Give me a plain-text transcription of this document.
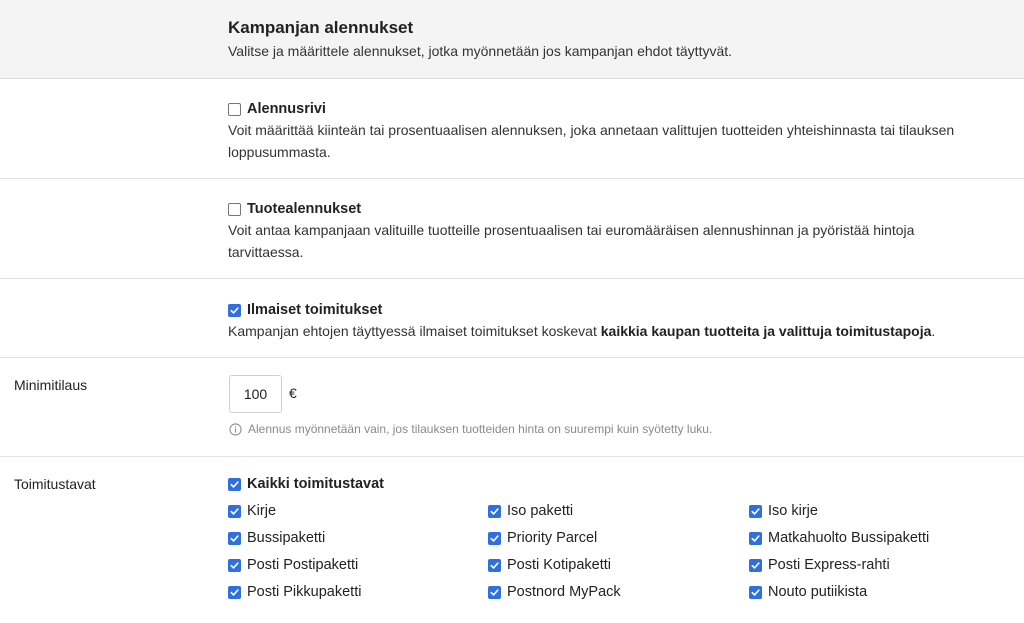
Kampanjan alennukset
Valitse ja määrittele alennukset, jotka myönnetään jos kampanjan ehdot täyttyvät.
Alennusrivi
Voit määrittää kiinteän tai prosentuaalisen alennuksen, joka annetaan valittujen tuotteiden yhteishinnasta tai tilauksen
loppusummasta.
Tuotealennukset
Voit antaa kampanjaan valituille tuotteille prosentuaalisen tai euromääräisen alennushinnan ja pyöristää hintoja
tarvittaessa.
Ilmaiset toimitukset
Kampanjan ehtojen täyttyessä ilmaiset toimitukset koskevat kaikkia kaupan tuotteita ja valittuja toimitustapoja.
Minimitilaus
100	€
Alennus myönnetään vain, jos tilauksen tuotteiden hinta on suurempi kuin syötetty luku.
Toimitustavat	Kaikki toimitustavat
Kirje	Iso paketti	Iso kirje
Bussipaketti	Priority Parcel	Matkahuolto Bussipaketti
Posti Postipaketti	Posti Kotipaketti	Posti Express-rahti
Posti Pikkupaketti	Postnord MyPack	Nouto putiikista
